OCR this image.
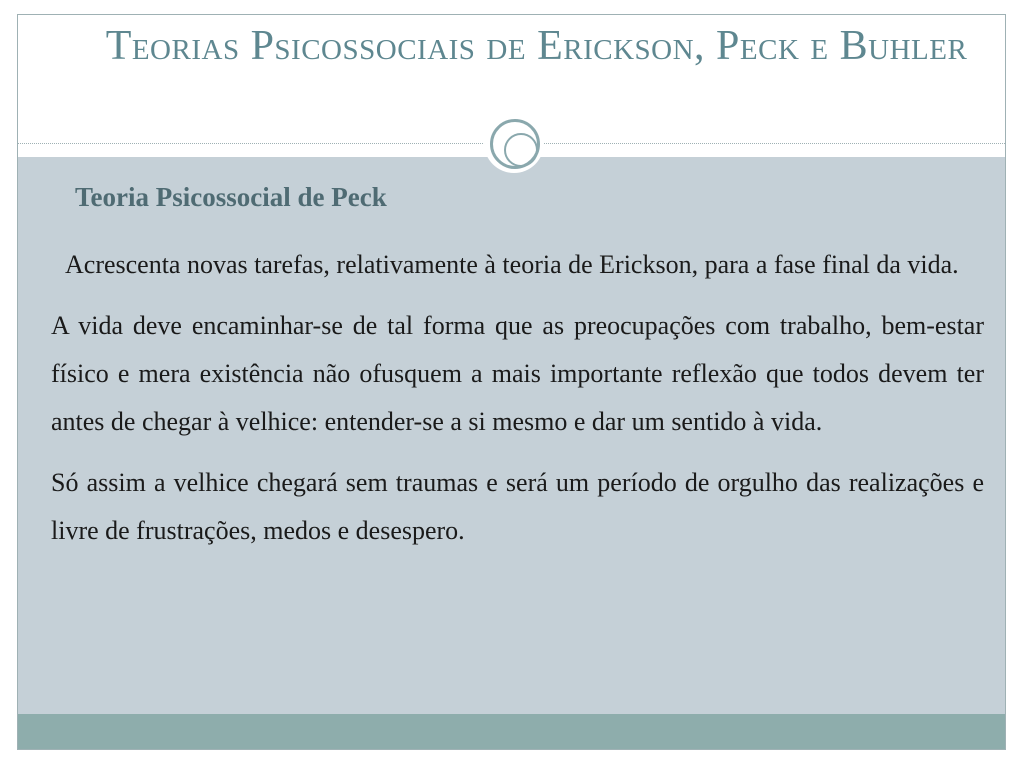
Teorias Psicossociais de Erickson, Peck e Buhler
Teoria Psicossocial de Peck

Acrescenta novas tarefas, relativamente à teoria de Erickson, para a fase final da vida.

A vida deve encaminhar-se de tal forma que as preocupações com trabalho, bem-estar físico e mera existência não ofusquem a mais importante reflexão que todos devem ter antes de chegar à velhice: entender-se a si mesmo e dar um sentido à vida.

Só assim a velhice chegará sem traumas e será um período de orgulho das realizações e livre de frustrações, medos e desespero.
